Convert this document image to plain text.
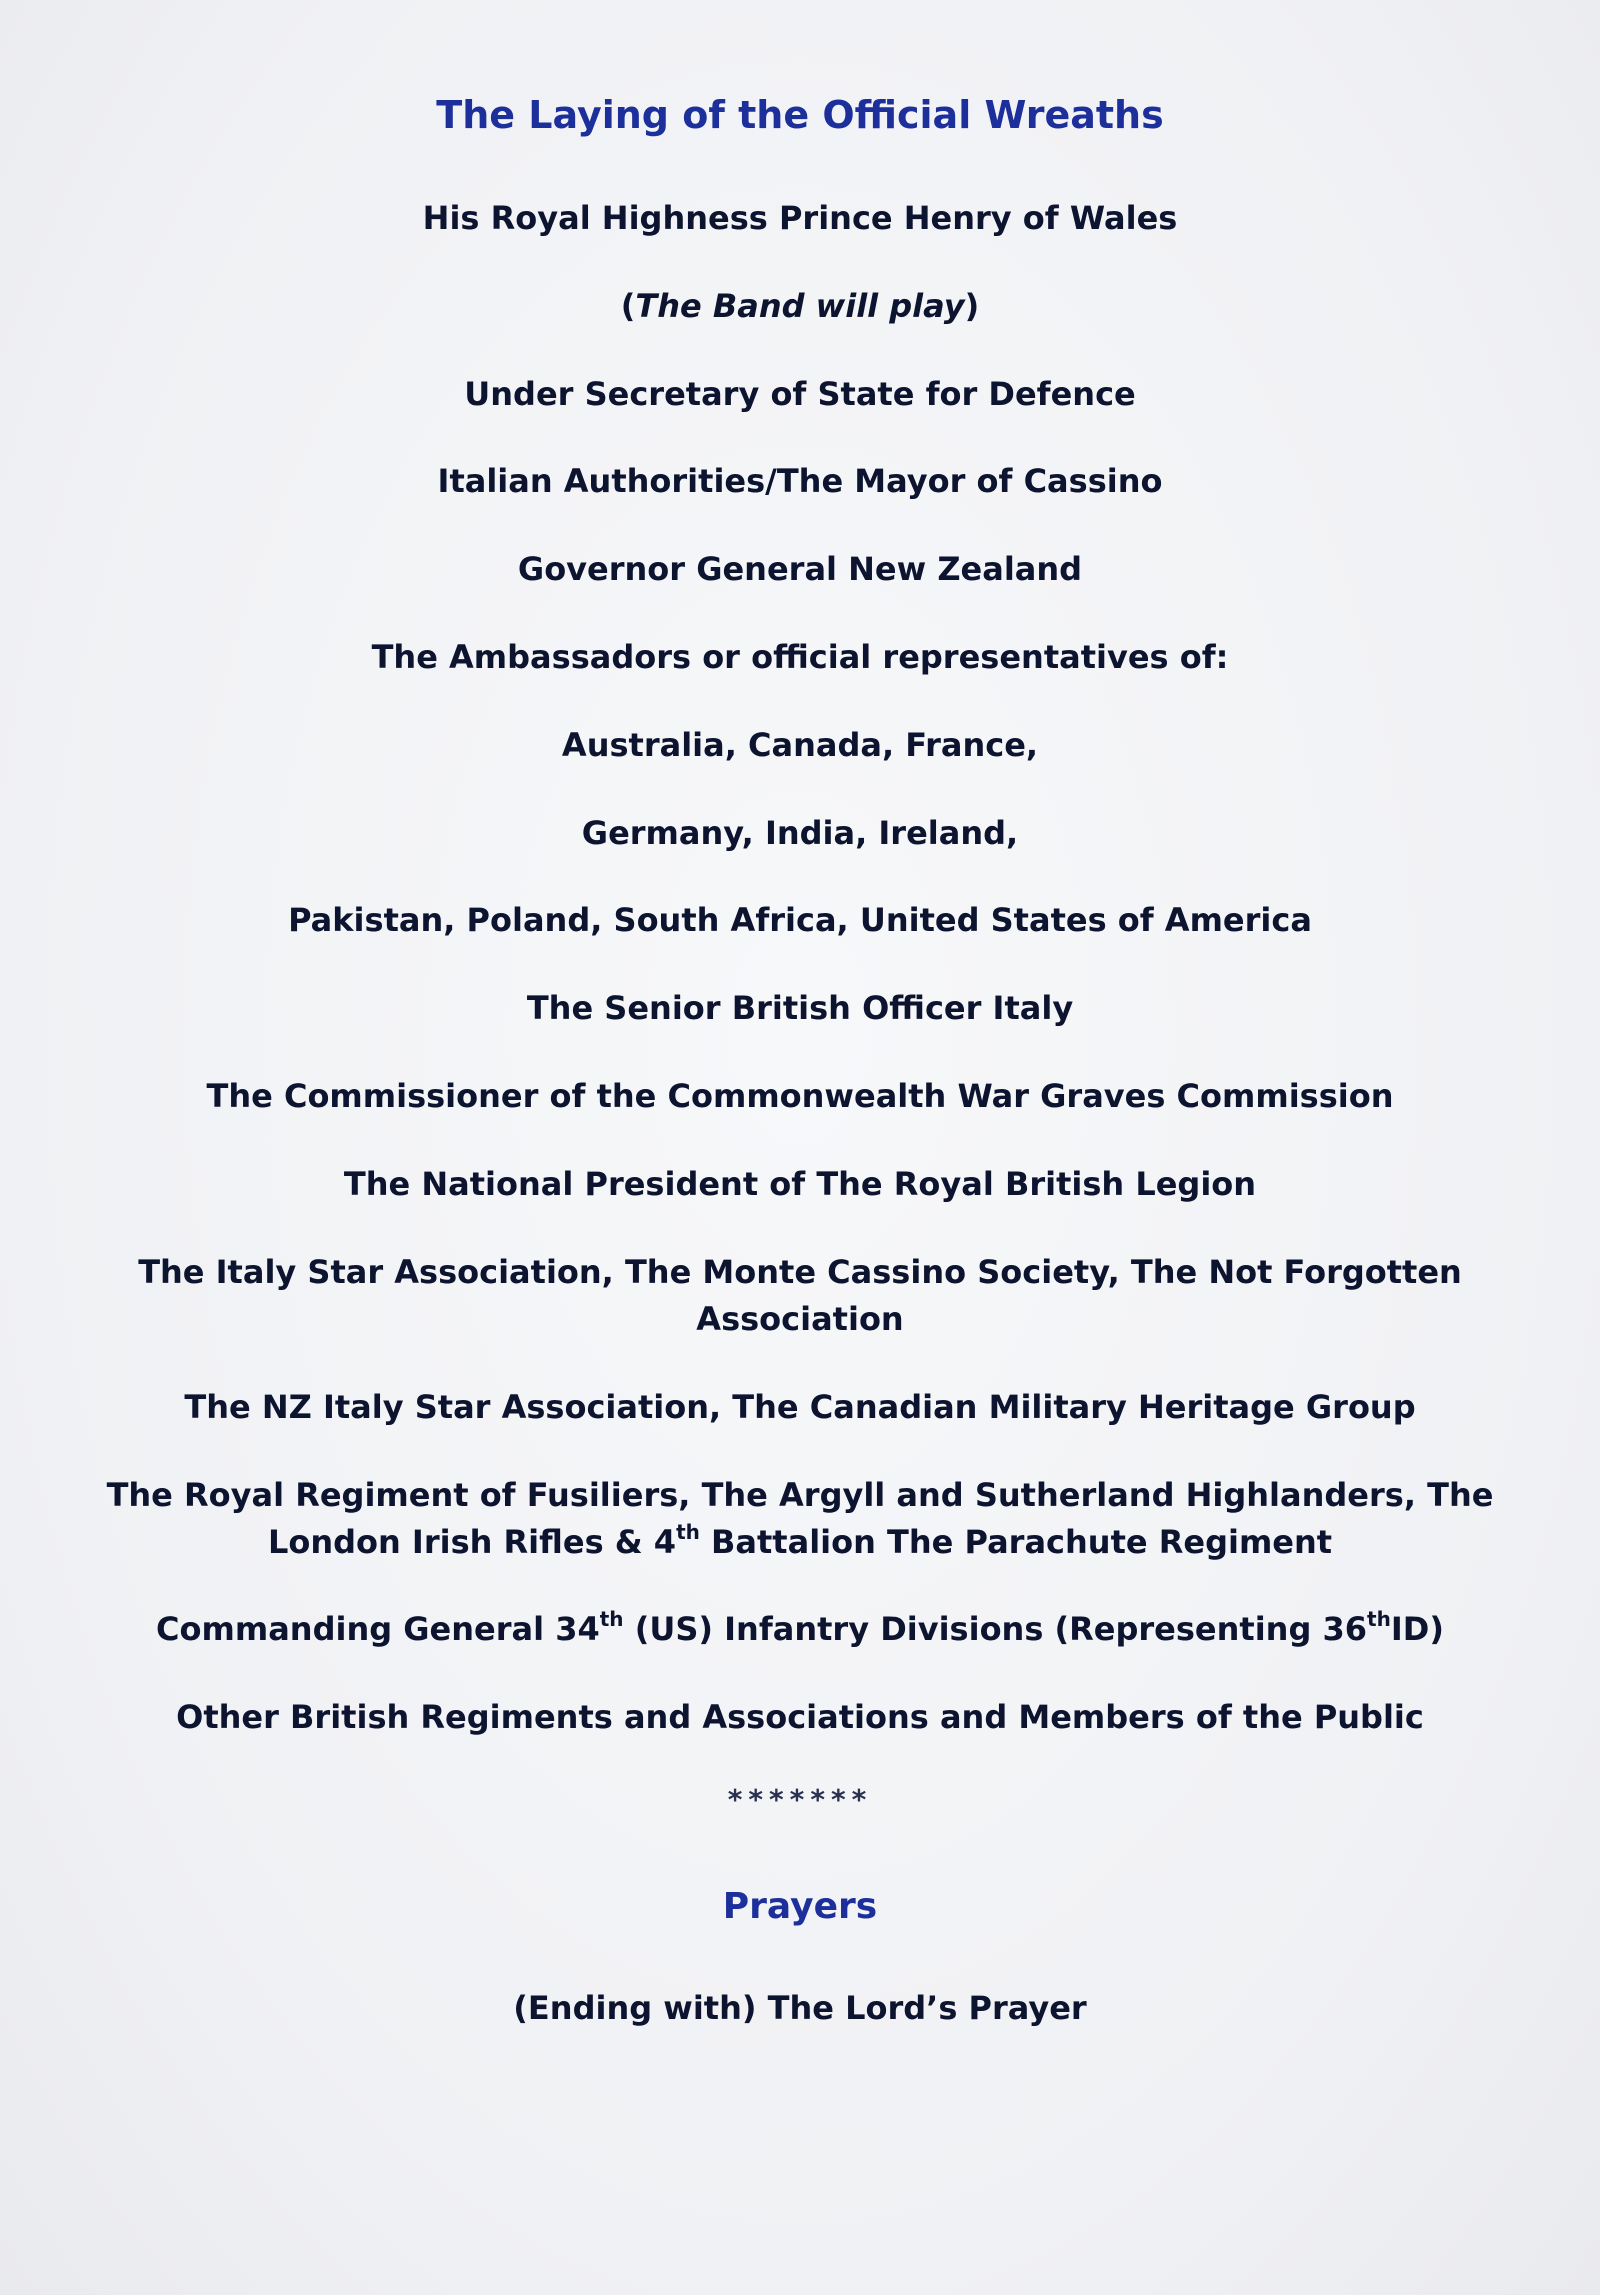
The Laying of the Official Wreaths
His Royal Highness Prince Henry of Wales
(The Band will play)
Under Secretary of State for Defence
Italian Authorities/The Mayor of Cassino
Governor General New Zealand
The Ambassadors or official representatives of:
Australia, Canada, France,
Germany, India, Ireland,
Pakistan, Poland, South Africa, United States of America
The Senior British Officer Italy
The Commissioner of the Commonwealth War Graves Commission
The National President of The Royal British Legion
The Italy Star Association, The Monte Cassino Society, The Not Forgotten
Association
The NZ Italy Star Association, The Canadian Military Heritage Group
The Royal Regiment of Fusiliers, The Argyll and Sutherland Highlanders, The
London Irish Rifles & 4th Battalion The Parachute Regiment
Commanding General 34th (US) Infantry Divisions (Representing 36thID)
Other British Regiments and Associations and Members of the Public
*******
Prayers
(Ending with) The Lord’s Prayer
